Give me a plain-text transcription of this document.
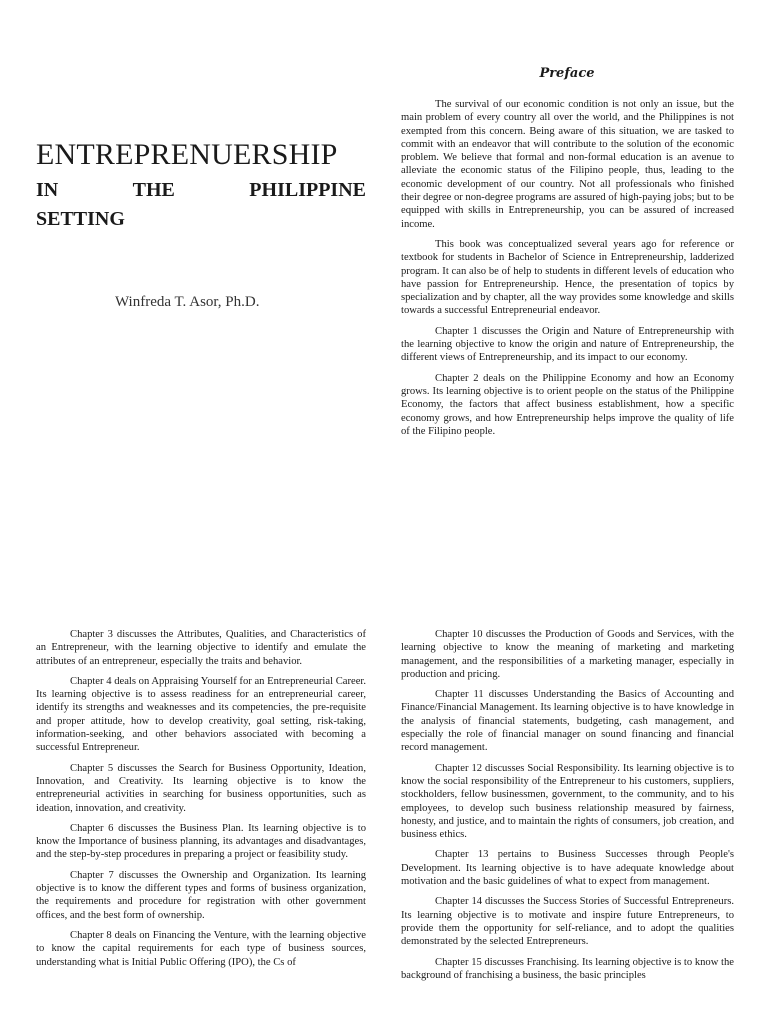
ENTREPRENUERSHIP
IN	THE	PHILIPPINE
SETTING
Winfreda T. Asor, Ph.D.
Preface

The survival of our economic condition is not only an issue, but the main problem of every country all over the world, and the Philippines is not exempted from this concern. Being aware of this situation, we are tasked to commit with an endeavor that will contribute to the solution of the economic problem. We believe that formal and non-formal education is an avenue to alleviate the economic status of the Filipino people, thus, leading to the economic development of our country. Not all professionals who finished their degree or non-degree programs are assured of high-paying jobs; but to be equipped with skills in Entrepreneurship, you can be assured of increased income.

This book was conceptualized several years ago for reference or textbook for students in Bachelor of Science in Entrepreneurship, ladderized program. It can also be of help to students in different levels of education who have passion for Entrepreneurship. Hence, the presentation of topics by specialization and by chapter, all the way provides some knowledge and skills towards a successful Entrepreneurial endeavor.

Chapter 1 discusses the Origin and Nature of Entrepreneurship with the learning objective to know the origin and nature of Entrepreneurship, the different views of Entrepreneurship, and its impact to our economy.

Chapter 2 deals on the Philippine Economy and how an Economy grows. Its learning objective is to orient people on the status of the Philippine Economy, the factors that affect business establishment, how a specific economy grows, and how Entrepreneurship helps improve the quality of life of the Filipino people.

Chapter 3 discusses the Attributes, Qualities, and Characteristics of an Entrepreneur, with the learning objective to identify and emulate the attributes of an entrepreneur, especially the traits and behavior.

Chapter 4 deals on Appraising Yourself for an Entrepreneurial Career. Its learning objective is to assess readiness for an entrepreneurial career, identify its strengths and weaknesses and its competencies, the pre-requisite and proper attitude, how to develop creativity, goal setting, risk-taking, information-seeking, and other behaviors associated with becoming a successful Entrepreneur.

Chapter 5 discusses the Search for Business Opportunity, Ideation, Innovation, and Creativity. Its learning objective is to know the entrepreneurial activities in searching for business opportunities, such as ideation, innovation, and creativity.

Chapter 6 discusses the Business Plan. Its learning objective is to know the Importance of business planning, its advantages and disadvantages, and the step-by-step procedures in preparing a project or feasibility study.

Chapter 7 discusses the Ownership and Organization. Its learning objective is to know the different types and forms of business organization, the requirements and procedure for registration with other government offices, and the best form of ownership.

Chapter 8 deals on Financing the Venture, with the learning objective to know the capital requirements for each type of business sources, understanding what is Initial Public Offering (IPO), the Cs of

Chapter 10 discusses the Production of Goods and Services, with the learning objective to know the meaning of marketing and marketing management, and the responsibilities of a marketing manager, especially in production and pricing.

Chapter 11 discusses Understanding the Basics of Accounting and Finance/Financial Management. Its learning objective is to have knowledge in the analysis of financial statements, budgeting, cash management, and especially the role of financial manager on sound financing and financial record management.

Chapter 12 discusses Social Responsibility. Its learning objective is to know the social responsibility of the Entrepreneur to his customers, suppliers, stockholders, fellow businessmen, government, to the community, and to his employees, to develop such business relationship measured by fairness, honesty, and justice, and to maintain the rights of consumers, job creation, and business ethics.

Chapter 13 pertains to Business Successes through People's Development. Its learning objective is to have adequate knowledge about motivation and the basic guidelines of what to expect from management.

Chapter 14 discusses the Success Stories of Successful Entrepreneurs. Its learning objective is to motivate and inspire future Entrepreneurs, to provide them the opportunity for self-reliance, and to adopt the qualities demonstrated by the selected Entrepreneurs.

Chapter 15 discusses Franchising. Its learning objective is to know the background of franchising a business, the basic principles
